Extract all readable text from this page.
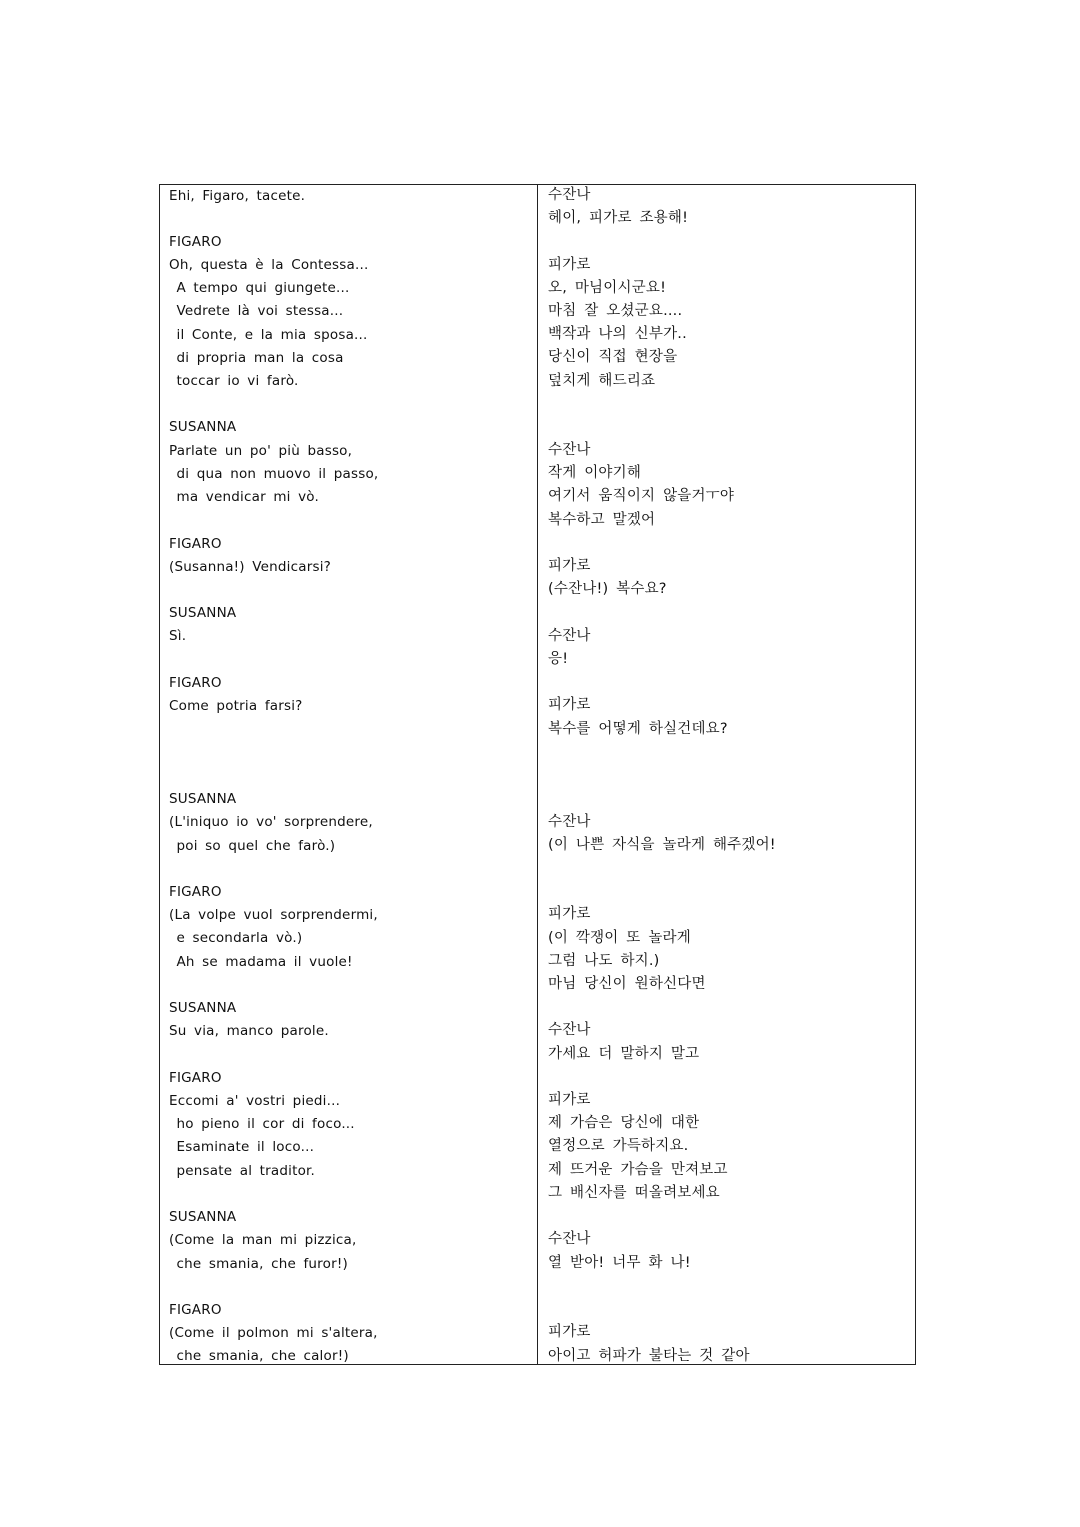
Ehi, Figaro, tacete.
FIGARO
Oh, questa è la Contessa...
A tempo qui giungete...
Vedrete là voi stessa...
il Conte, e la mia sposa...
di propria man la cosa
toccar io vi farò.
SUSANNA
Parlate un po' più basso,
di qua non muovo il passo,
ma vendicar mi vò.
FIGARO
(Susanna!) Vendicarsi?
SUSANNA
Sì.
FIGARO
Come potria farsi?
SUSANNA
(L'iniquo io vo' sorprendere,
poi so quel che farò.)
FIGARO
(La volpe vuol sorprendermi,
e secondarla vò.)
Ah se madama il vuole!
SUSANNA
Su via, manco parole.
FIGARO
Eccomi a' vostri piedi...
ho pieno il cor di foco...
Esaminate il loco...
pensate al traditor.
SUSANNA
(Come la man mi pizzica,
che smania, che furor!)
FIGARO
(Come il polmon mi s'altera,
che smania, che calor!)
수잔나
헤이, 피가로 조용해!
피가로
오, 마님이시군요!
마침 잘 오셨군요....
백작과 나의 신부가..
당신이 직접 현장을
덮치게 해드리죠
수잔나
작게 이야기해
여기서 움직이지 않을거ㅜ야
복수하고 말겠어
피가로
(수잔나!) 복수요?
수잔나
응!
피가로
복수를 어떻게 하실건데요?
수잔나
(이 나쁜 자식을 놀라게 해주겠어!
피가로
(이 깍쟁이 또 놀라게
그럼 나도 하지.)
마님 당신이 원하신다면
수잔나
가세요 더 말하지 말고
피가로
제 가슴은 당신에 대한
열정으로 가득하지요.
제 뜨거운 가슴을 만져보고
그 배신자를 떠올려보세요
수잔나
열 받아! 너무 화 나!
피가로
아이고 허파가 불타는 것 같아
